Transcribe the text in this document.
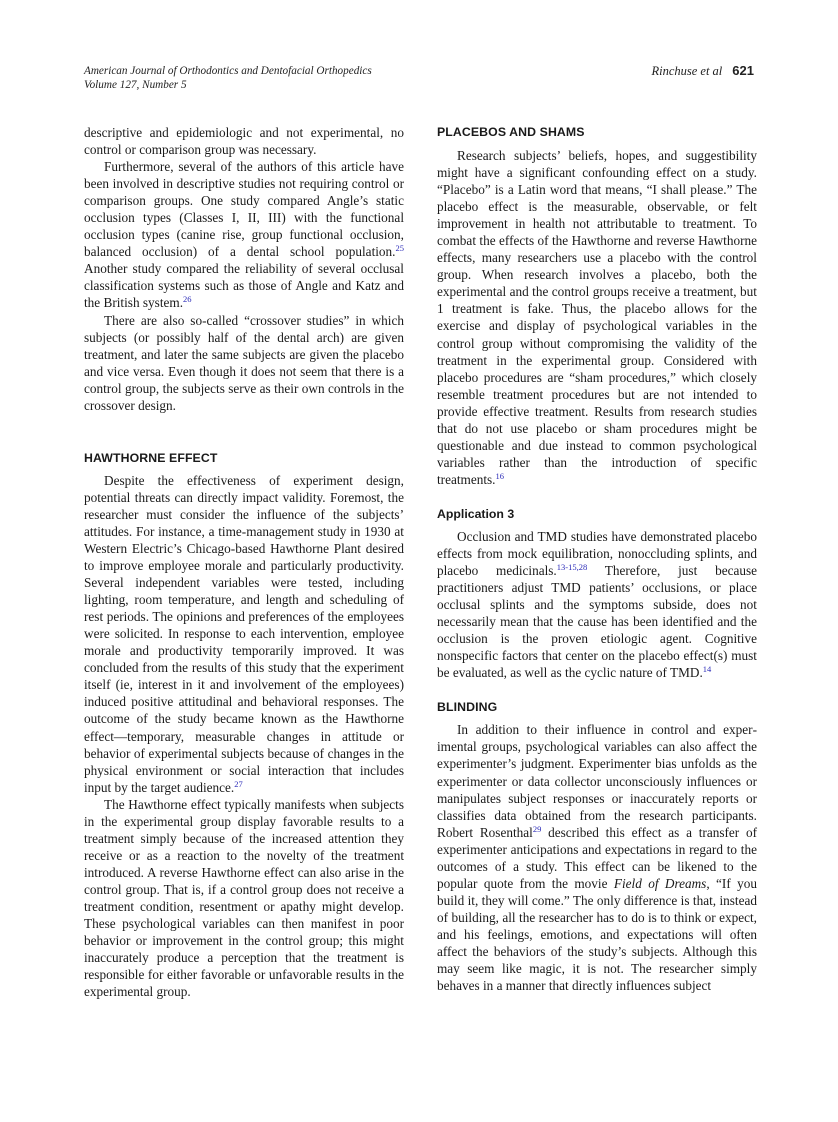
American Journal of Orthodontics and Dentofacial Orthopedics
Volume 127, Number 5
Rinchuse et al 621

descriptive and epidemiologic and not experimental, no control or comparison group was necessary.

Furthermore, several of the authors of this article have been involved in descriptive studies not requiring control or comparison groups. One study compared Angle’s static occlusion types (Classes I, II, III) with the functional occlusion types (canine rise, group functional occlusion, balanced occlusion) of a dental school population.$^{25}$ Another study compared the reliability of several occlusal classification systems such as those of Angle and Katz and the British system.$^{26}$

There are also so-called “crossover studies” in which subjects (or possibly half of the dental arch) are given treatment, and later the same subjects are given the placebo and vice versa. Even though it does not seem that there is a control group, the subjects serve as their own controls in the crossover design.

HAWTHORNE EFFECT

Despite the effectiveness of experiment design, potential threats can directly impact validity. Foremost, the researcher must consider the influence of the subjects’ attitudes. For instance, a time-management study in 1930 at Western Electric’s Chicago-based Hawthorne Plant desired to improve employee morale and particularly productivity. Several independent variables were tested, including lighting, room temperature, and length and scheduling of rest periods. The opinions and preferences of the employees were solicited. In response to each intervention, employee morale and productivity temporarily improved. It was concluded from the results of this study that the experiment itself (ie, interest in it and involvement of the employees) induced positive attitudinal and behavioral responses. The outcome of the study became known as the Hawthorne effect—temporary, measurable changes in attitude or behavior of experimental subjects because of changes in the physical environment or social interaction that includes input by the target audience.$^{27}$

The Hawthorne effect typically manifests when subjects in the experimental group display favorable results to a treatment simply because of the increased attention they receive or as a reaction to the novelty of the treatment introduced. A reverse Hawthorne effect can also arise in the control group. That is, if a control group does not receive a treatment condition, resentment or apathy might develop. These psychological variables can then manifest in poor behavior or improvement in the control group; this might inaccurately produce a perception that the treatment is responsible for either favorable or unfavorable results in the experimental group.

PLACEBOS AND SHAMS

Research subjects’ beliefs, hopes, and suggestibility might have a significant confounding effect on a study. “Placebo” is a Latin word that means, “I shall please.” The placebo effect is the measurable, observable, or felt improvement in health not attributable to treatment. To combat the effects of the Hawthorne and reverse Hawthorne effects, many researchers use a placebo with the control group. When research involves a placebo, both the experimental and the control groups receive a treatment, but 1 treatment is fake. Thus, the placebo allows for the exercise and display of psychological variables in the control group without compromising the validity of the treatment in the experimental group. Considered with placebo procedures are “sham procedures,” which closely resemble treatment procedures but are not intended to provide effective treatment. Results from research studies that do not use placebo or sham procedures might be questionable and due instead to common psychological variables rather than the introduction of specific treatments.$^{16}$

Application 3

Occlusion and TMD studies have demonstrated placebo effects from mock equilibration, nonoccluding splints, and placebo medicinals.$^{13-15,28}$ Therefore, just because practitioners adjust TMD patients’ occlusions, or place occlusal splints and the symptoms subside, does not necessarily mean that the cause has been identified and the occlusion is the proven etiologic agent. Cognitive nonspecific factors that center on the placebo effect(s) must be evaluated, as well as the cyclic nature of TMD.$^{14}$

BLINDING

In addition to their influence in control and experimental groups, psychological variables can also affect the experimenter’s judgment. Experimenter bias unfolds as the experimenter or data collector unconsciously influences or manipulates subject responses or inaccurately reports or classifies data obtained from the research participants. Robert Rosenthal$^{29}$ described this effect as a transfer of experimenter anticipations and expectations in regard to the outcomes of a study. This effect can be likened to the popular quote from the movie Field of Dreams, “If you build it, they will come.” The only difference is that, instead of building, all the researcher has to do is to think or expect, and his feelings, emotions, and expectations will often affect the behaviors of the study’s subjects. Although this may seem like magic, it is not. The researcher simply behaves in a manner that directly influences subject
